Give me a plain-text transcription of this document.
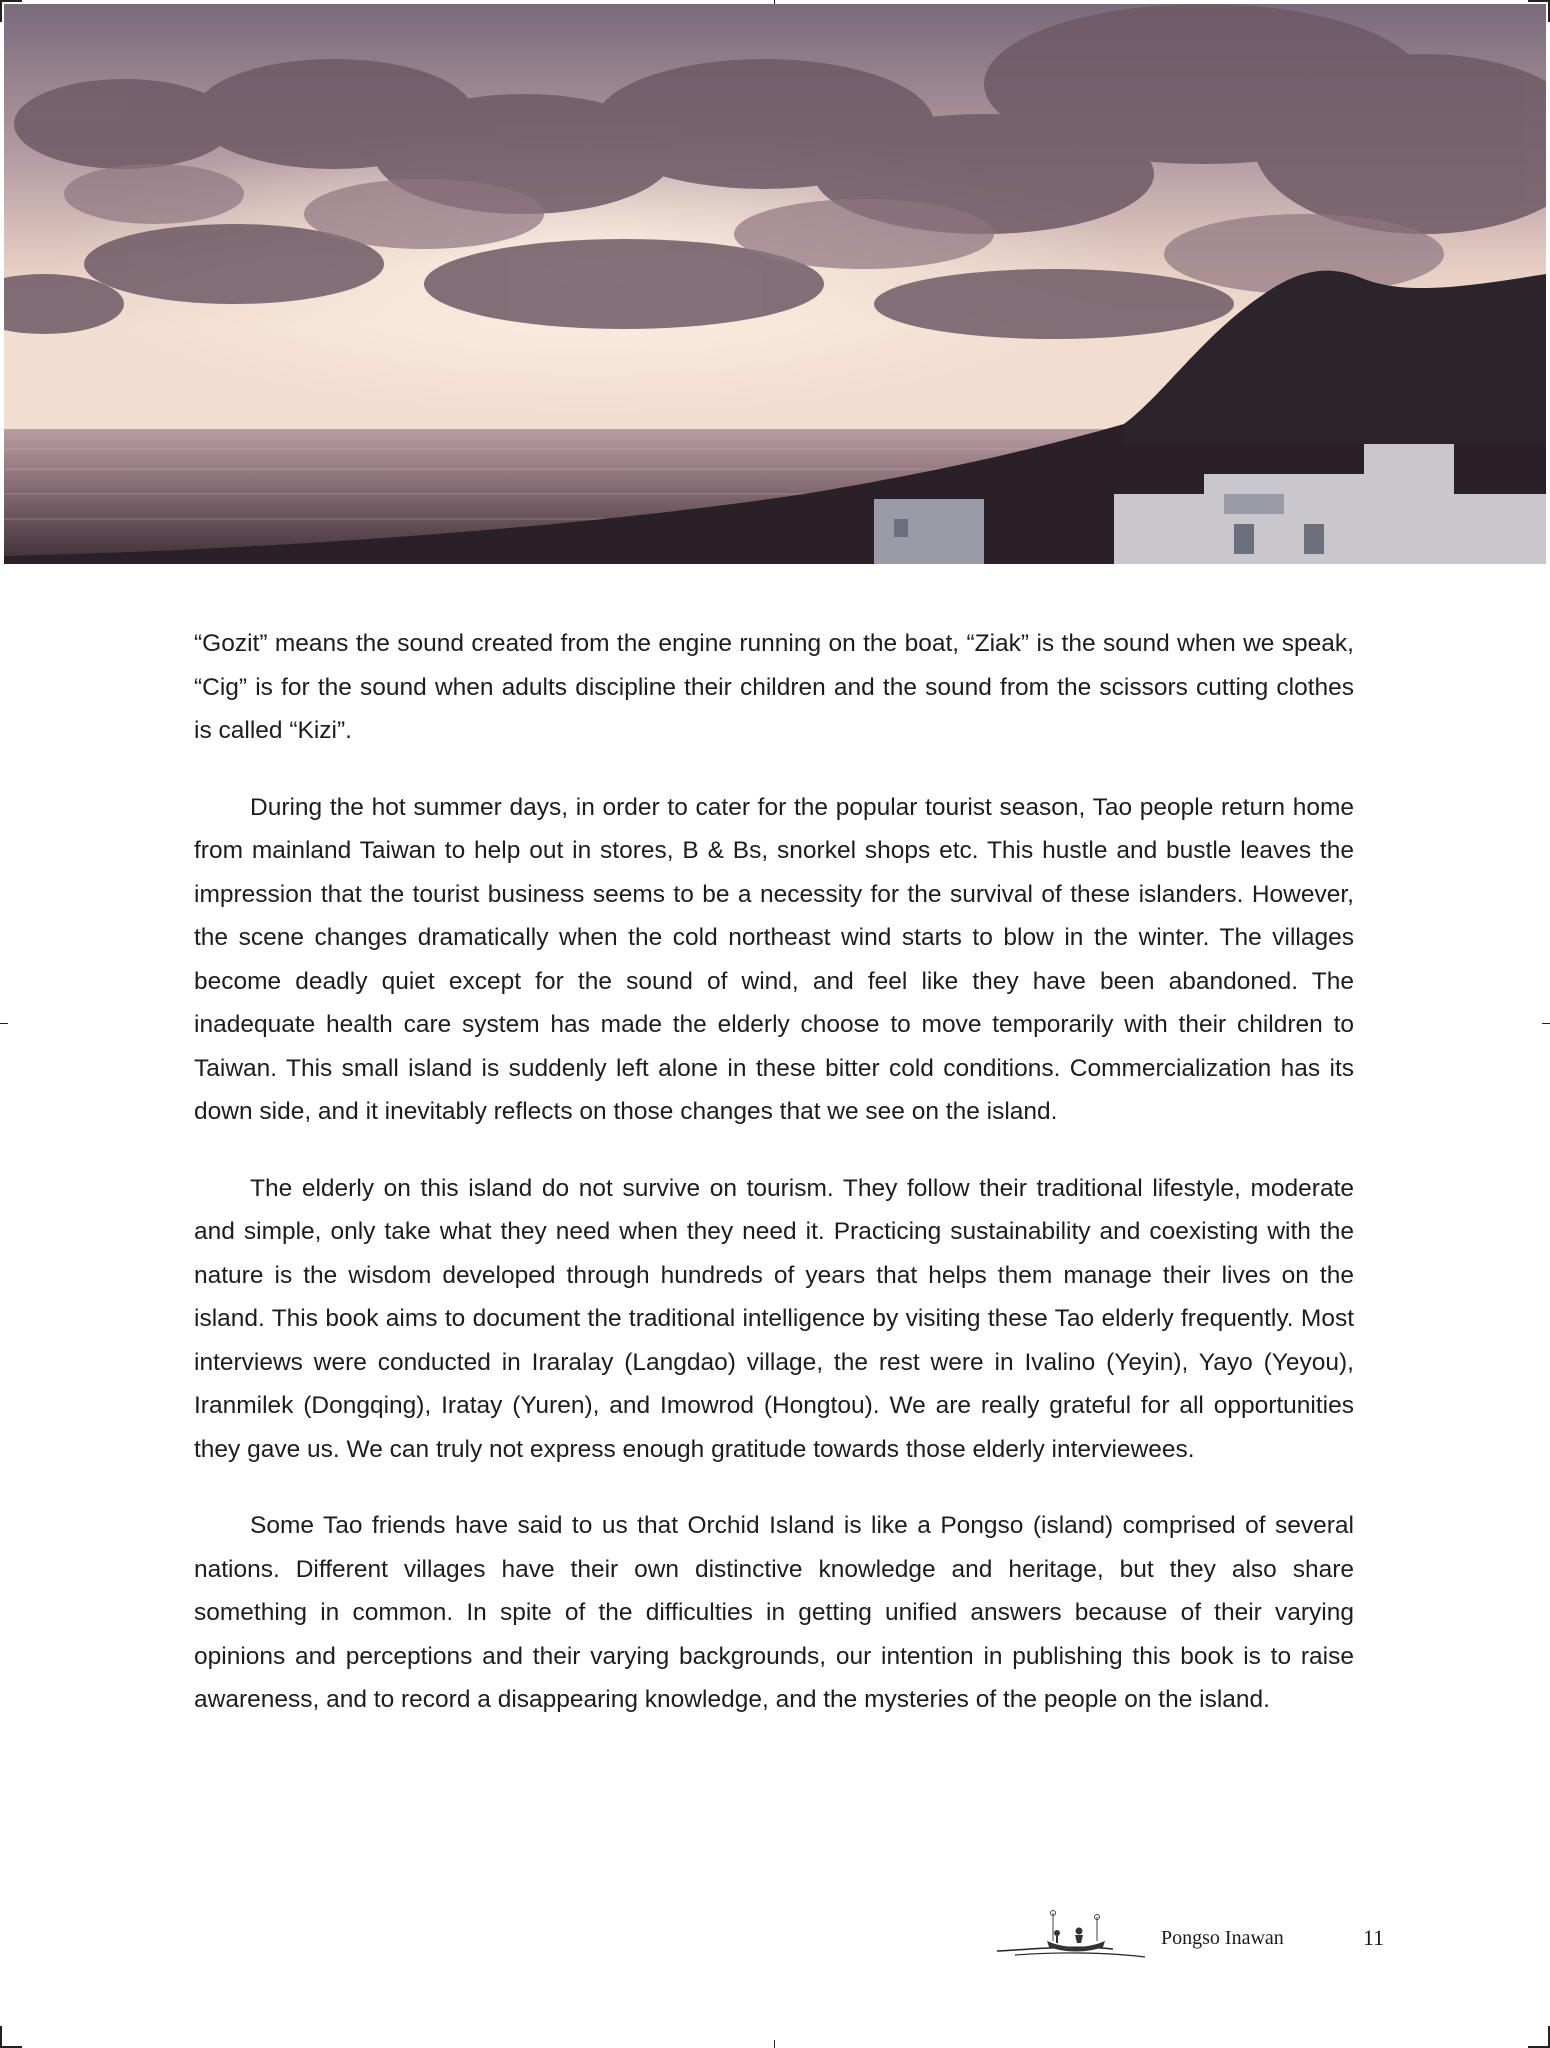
“Gozit” means the sound created from the engine running on the boat, “Ziak” is the sound when we speak, “Cig” is for the sound when adults discipline their children and the sound from the scissors cutting clothes is called “Kizi”.

During the hot summer days, in order to cater for the popular tourist season, Tao people return home from mainland Taiwan to help out in stores, B & Bs, snorkel shops etc. This hustle and bustle leaves the impression that the tourist business seems to be a necessity for the survival of these islanders. However, the scene changes dramatically when the cold northeast wind starts to blow in the winter. The villages become deadly quiet except for the sound of wind, and feel like they have been abandoned. The inadequate health care system has made the elderly choose to move temporarily with their children to Taiwan. This small island is suddenly left alone in these bitter cold conditions. Commercialization has its down side, and it inevitably reflects on those changes that we see on the island.

The elderly on this island do not survive on tourism. They follow their traditional lifestyle, moderate and simple, only take what they need when they need it. Practicing sustainability and coexisting with the nature is the wisdom developed through hundreds of years that helps them manage their lives on the island. This book aims to document the traditional intelligence by visiting these Tao elderly frequently. Most interviews were conducted in Iraralay (Langdao) village, the rest were in Ivalino (Yeyin), Yayo (Yeyou), Iranmilek (Dongqing), Iratay (Yuren), and Imowrod (Hongtou). We are really grateful for all opportunities they gave us. We can truly not express enough gratitude towards those elderly interviewees.

Some Tao friends have said to us that Orchid Island is like a Pongso (island) comprised of several nations. Different villages have their own distinctive knowledge and heritage, but they also share something in common. In spite of the difficulties in getting unified answers because of their varying opinions and perceptions and their varying backgrounds, our intention in publishing this book is to raise awareness, and to record a disappearing knowledge, and the mysteries of the people on the island.

Pongso Inawan	11
